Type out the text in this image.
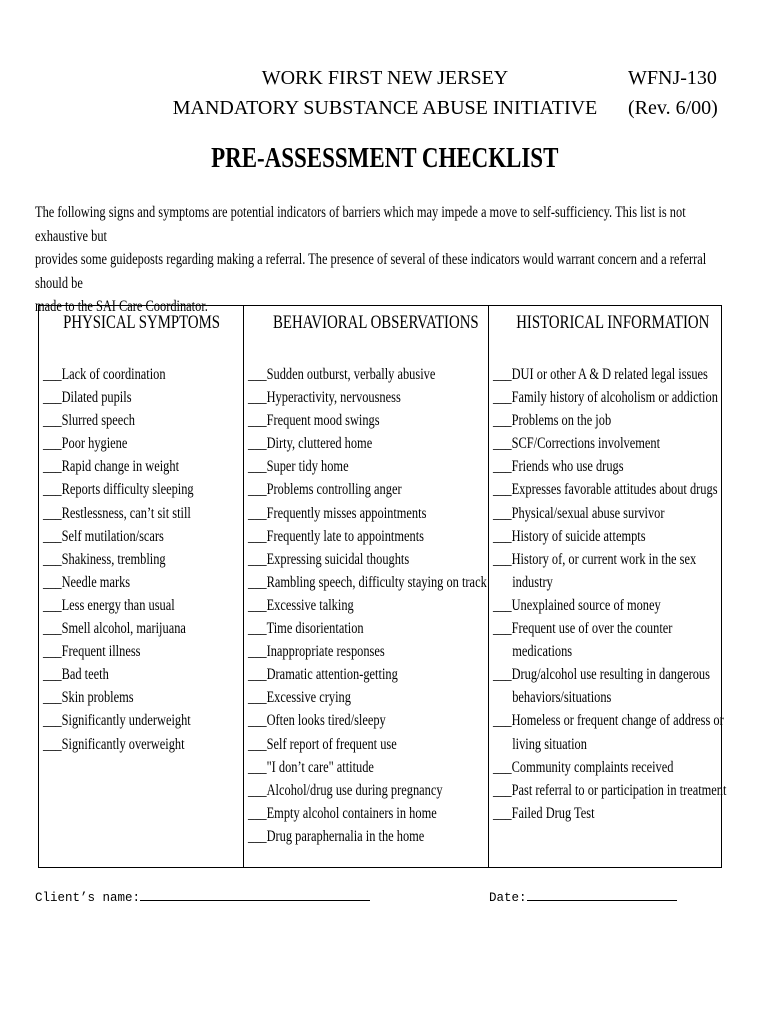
WORK FIRST NEW JERSEY
MANDATORY SUBSTANCE ABUSE INITIATIVE
WFNJ-130
(Rev. 6/00)
PRE-ASSESSMENT CHECKLIST

The following signs and symptoms are potential indicators of barriers which may impede a move to self-sufficiency. This list is not exhaustive but

provides some guideposts regarding making a referral. The presence of several of these indicators would warrant concern and a referral should be

made to the SAI Care Coordinator.

PHYSICAL SYMPTOMS
___Lack of coordination
___Dilated pupils
___Slurred speech
___Poor hygiene
___Rapid change in weight
___Reports difficulty sleeping
___Restlessness, can’t sit still
___Self mutilation/scars
___Shakiness, trembling
___Needle marks
___Less energy than usual
___Smell alcohol, marijuana
___Frequent illness
___Bad teeth
___Skin problems
___Significantly underweight
___Significantly overweight
BEHAVIORAL OBSERVATIONS
___Sudden outburst, verbally abusive
___Hyperactivity, nervousness
___Frequent mood swings
___Dirty, cluttered home
___Super tidy home
___Problems controlling anger
___Frequently misses appointments
___Frequently late to appointments
___Expressing suicidal thoughts
___Rambling speech, difficulty staying on track
___Excessive talking
___Time disorientation
___Inappropriate responses
___Dramatic attention-getting
___Excessive crying
___Often looks tired/sleepy
___Self report of frequent use
___"I don’t care" attitude
___Alcohol/drug use during pregnancy
___Empty alcohol containers in home
___Drug paraphernalia in the home
HISTORICAL INFORMATION
___DUI or other A & D related legal issues
___Family history of alcoholism or addiction
___Problems on the job
___SCF/Corrections involvement
___Friends who use drugs
___Expresses favorable attitudes about drugs
___Physical/sexual abuse survivor
___History of suicide attempts
___History of, or current work in the sex
industry
___Unexplained source of money
___Frequent use of over the counter
medications
___Drug/alcohol use resulting in dangerous
behaviors/situations
___Homeless or frequent change of address or
living situation
___Community complaints received
___Past referral to or participation in treatment
___Failed Drug Test
Client’s name:	Date:
